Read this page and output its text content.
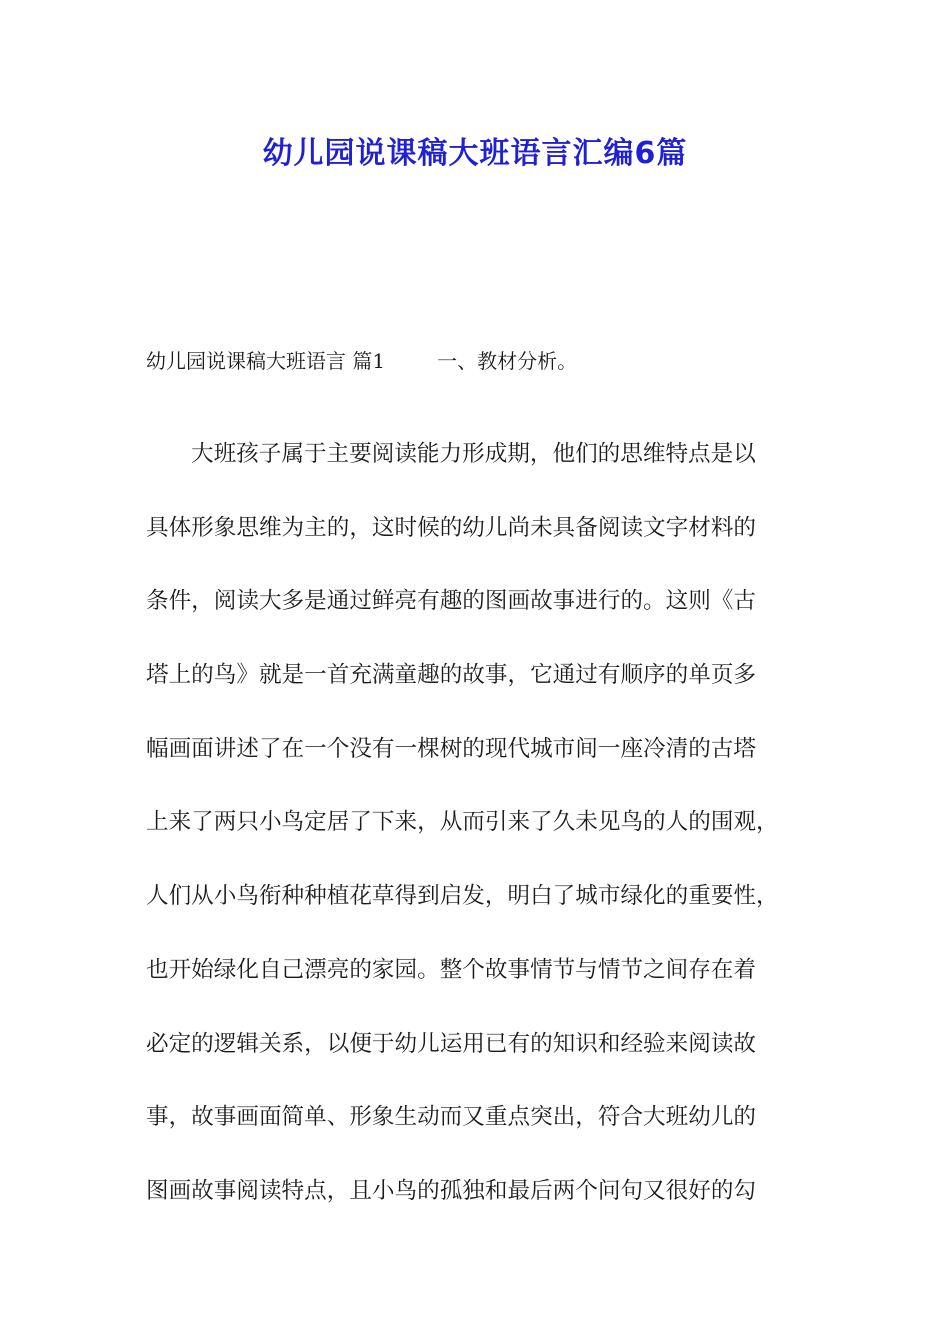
幼儿园说课稿大班语言汇编6篇
幼儿园说课稿大班语言 篇1	一、教材分析。
大班孩子属于主要阅读能力形成期，他们的思维特点是以
具体形象思维为主的，这时候的幼儿尚未具备阅读文字材料的
条件，阅读大多是通过鲜亮有趣的图画故事进行的。这则《古
塔上的鸟》就是一首充满童趣的故事，它通过有顺序的单页多
幅画面讲述了在一个没有一棵树的现代城市间一座冷清的古塔
上来了两只小鸟定居了下来，从而引来了久未见鸟的人的围观，
人们从小鸟衔种种植花草得到启发，明白了城市绿化的重要性，
也开始绿化自己漂亮的家园。整个故事情节与情节之间存在着
必定的逻辑关系，以便于幼儿运用已有的知识和经验来阅读故
事，故事画面简单、形象生动而又重点突出，符合大班幼儿的
图画故事阅读特点，且小鸟的孤独和最后两个问句又很好的勾
